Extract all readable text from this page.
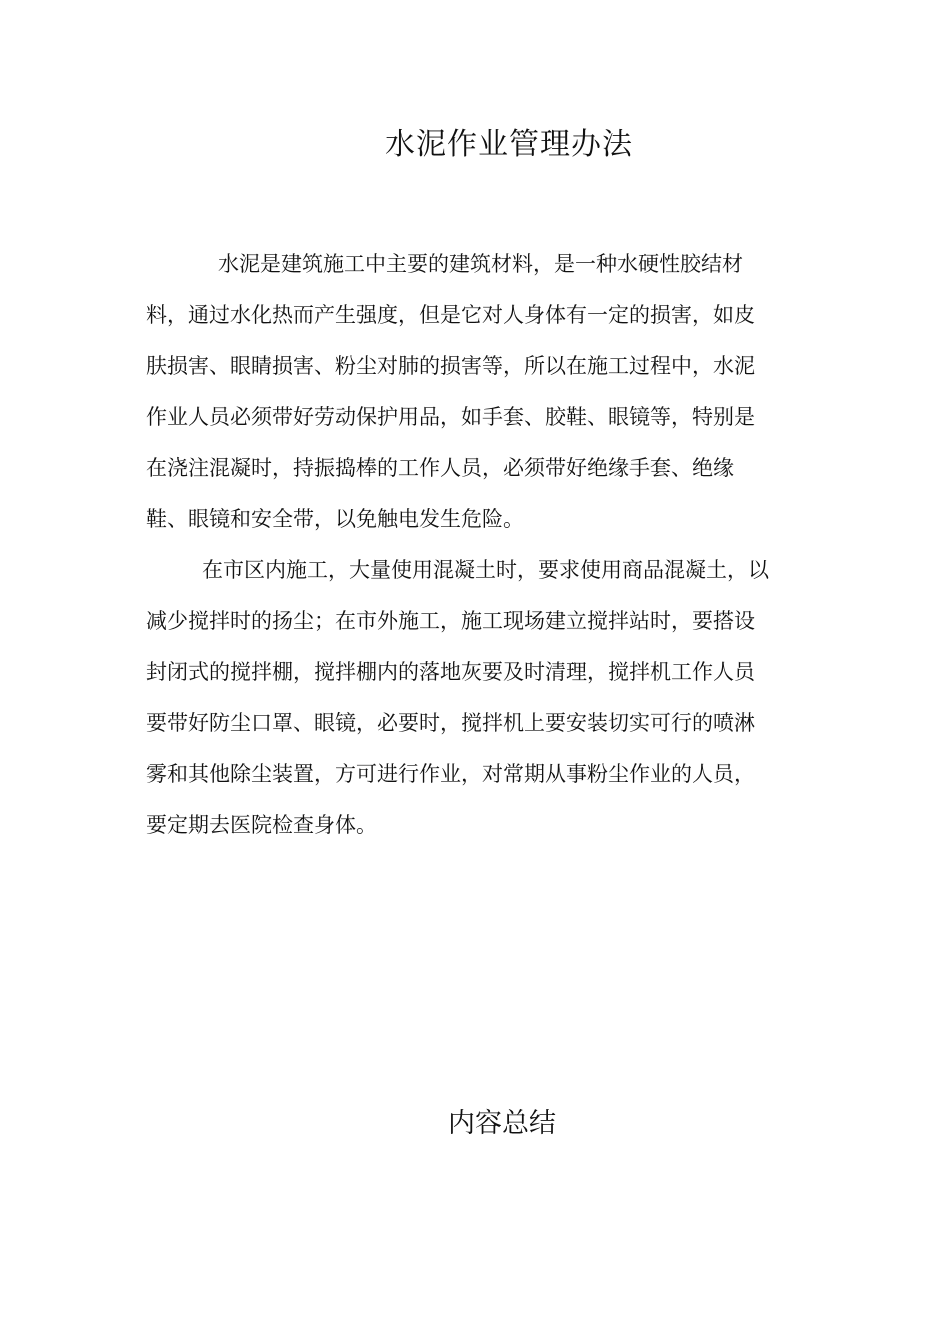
水泥作业管理办法
水泥是建筑施工中主要的建筑材料，是一种水硬性胶结材
料，通过水化热而产生强度，但是它对人身体有一定的损害，如皮
肤损害、眼睛损害、粉尘对肺的损害等，所以在施工过程中，水泥
作业人员必须带好劳动保护用品，如手套、胶鞋、眼镜等，特别是
在浇注混凝时，持振捣棒的工作人员，必须带好绝缘手套、绝缘
鞋、眼镜和安全带，以免触电发生危险。
在市区内施工，大量使用混凝土时，要求使用商品混凝土，以
减少搅拌时的扬尘；在市外施工，施工现场建立搅拌站时，要搭设
封闭式的搅拌棚，搅拌棚内的落地灰要及时清理，搅拌机工作人员
要带好防尘口罩、眼镜，必要时，搅拌机上要安装切实可行的喷淋
雾和其他除尘装置，方可进行作业，对常期从事粉尘作业的人员，
要定期去医院检查身体。
内容总结
